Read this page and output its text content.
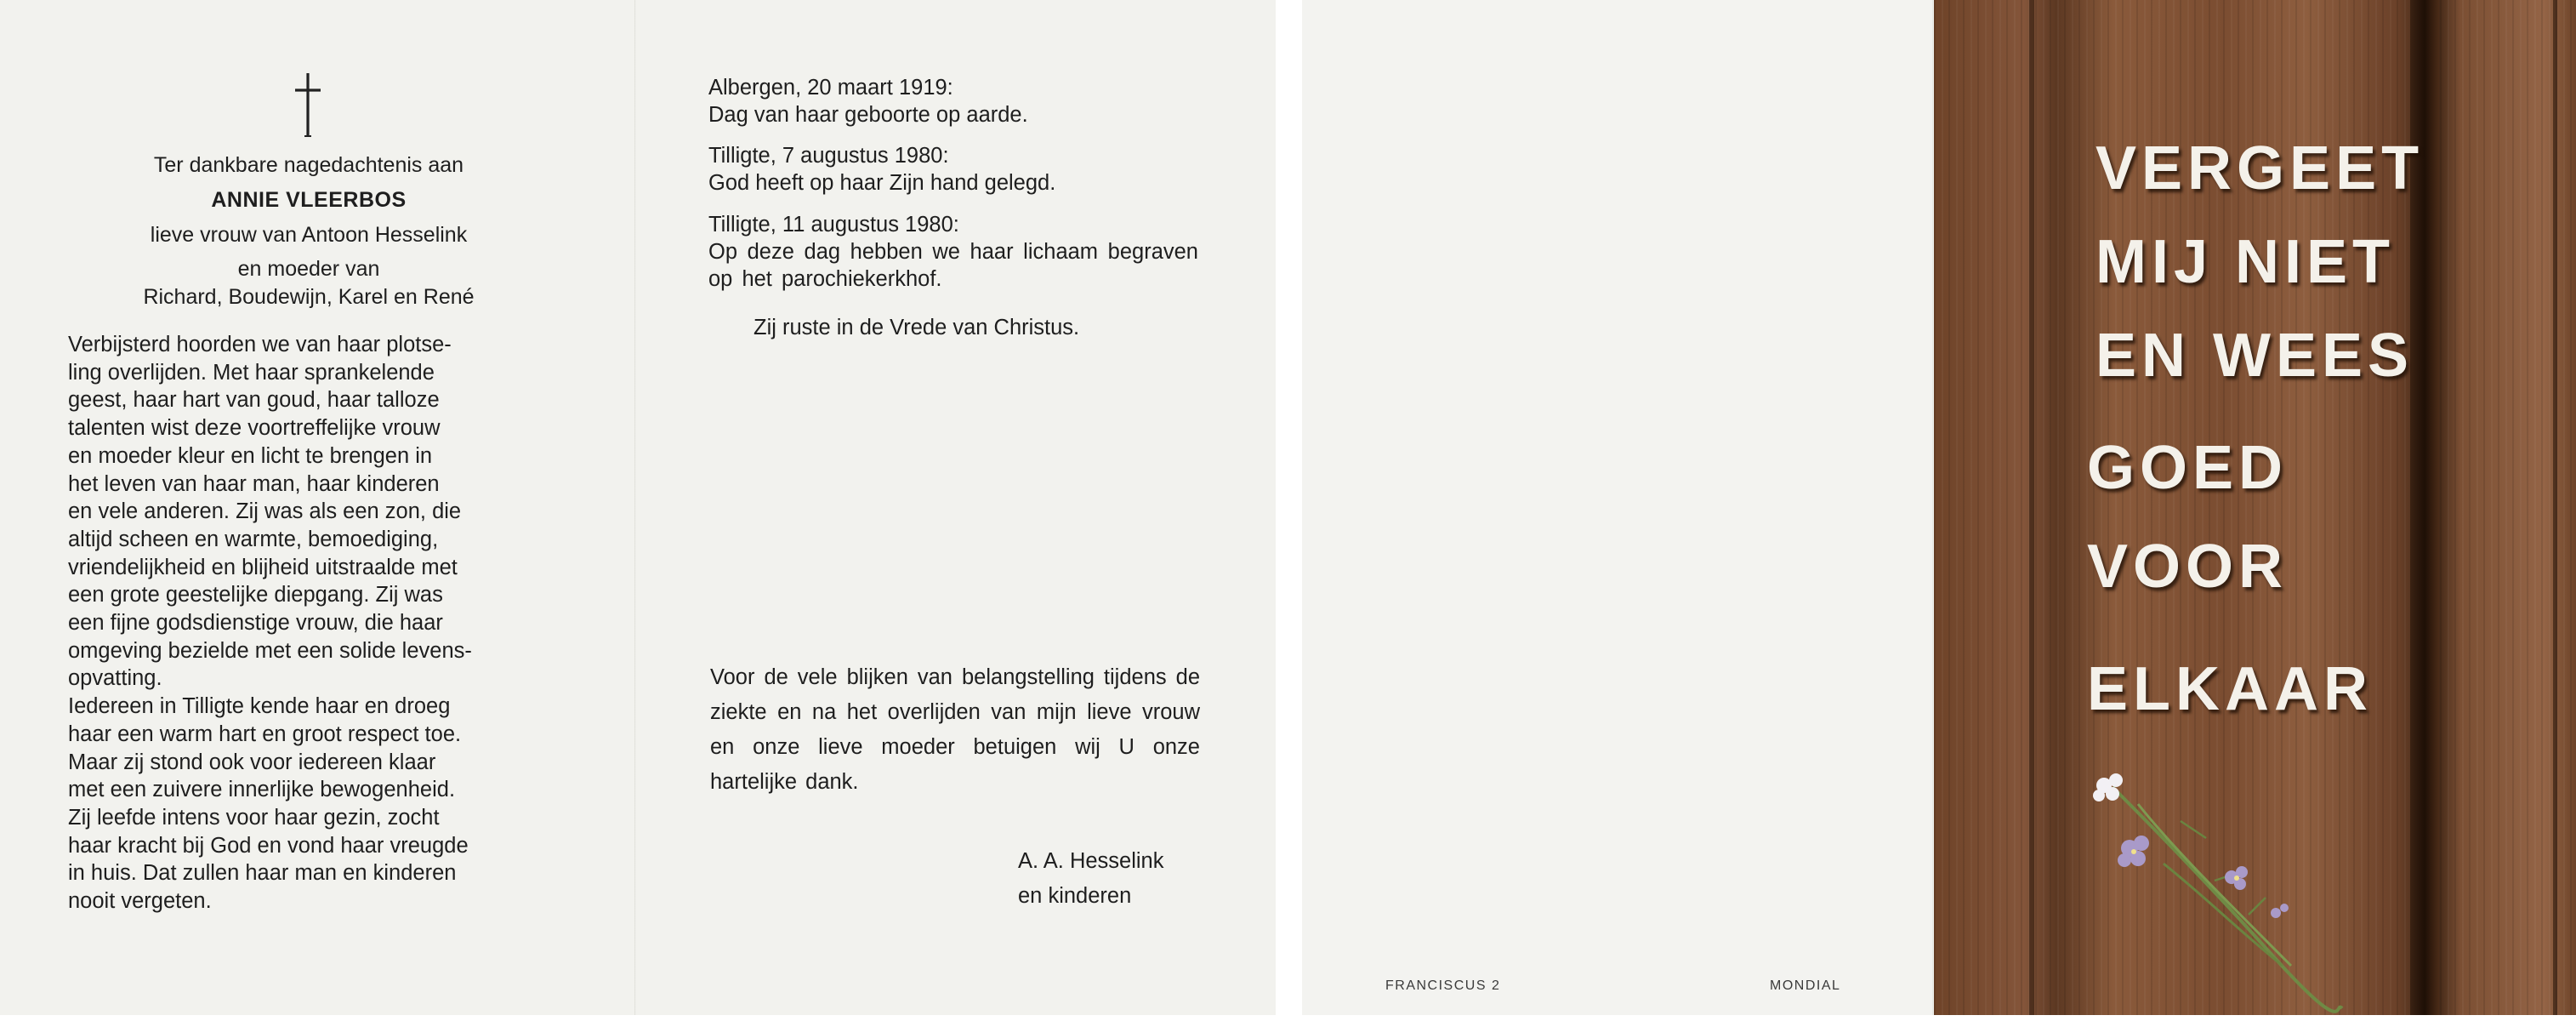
Ter dankbare nagedachtenis aan
ANNIE VLEERBOS
lieve vrouw van Antoon Hesselink
en moeder van
Richard, Boudewijn, Karel en René
Verbijsterd hoorden we van haar plotse-
ling overlijden. Met haar sprankelende
geest, haar hart van goud, haar talloze
talenten wist deze voortreffelijke vrouw
en moeder kleur en licht te brengen in
het leven van haar man, haar kinderen
en vele anderen. Zij was als een zon, die
altijd scheen en warmte, bemoediging,
vriendelijkheid en blijheid uitstraalde met
een grote geestelijke diepgang. Zij was
een fijne godsdienstige vrouw, die haar
omgeving bezielde met een solide levens-
opvatting.
Iedereen in Tilligte kende haar en droeg
haar een warm hart en groot respect toe.
Maar zij stond ook voor iedereen klaar
met een zuivere innerlijke bewogenheid.
Zij leefde intens voor haar gezin, zocht
haar kracht bij God en vond haar vreugde
in huis. Dat zullen haar man en kinderen
nooit vergeten.
Albergen, 20 maart 1919:
Dag van haar geboorte op aarde.
Tilligte, 7 augustus 1980:
God heeft op haar Zijn hand gelegd.
Tilligte, 11 augustus 1980:
Op deze dag hebben we haar lichaam begraven op het parochiekerkhof.
Zij ruste in de Vrede van Christus.
Voor de vele blijken van belangstelling tijdens de ziekte en na het overlijden van mijn lieve vrouw en onze lieve moeder betuigen wij U onze hartelijke dank.
A. A. Hesselink
en kinderen
FRANCISCUS 2	MONDIAL
VERGEET
MIJ NIET
EN WEES
GOED
VOOR
ELKAAR
